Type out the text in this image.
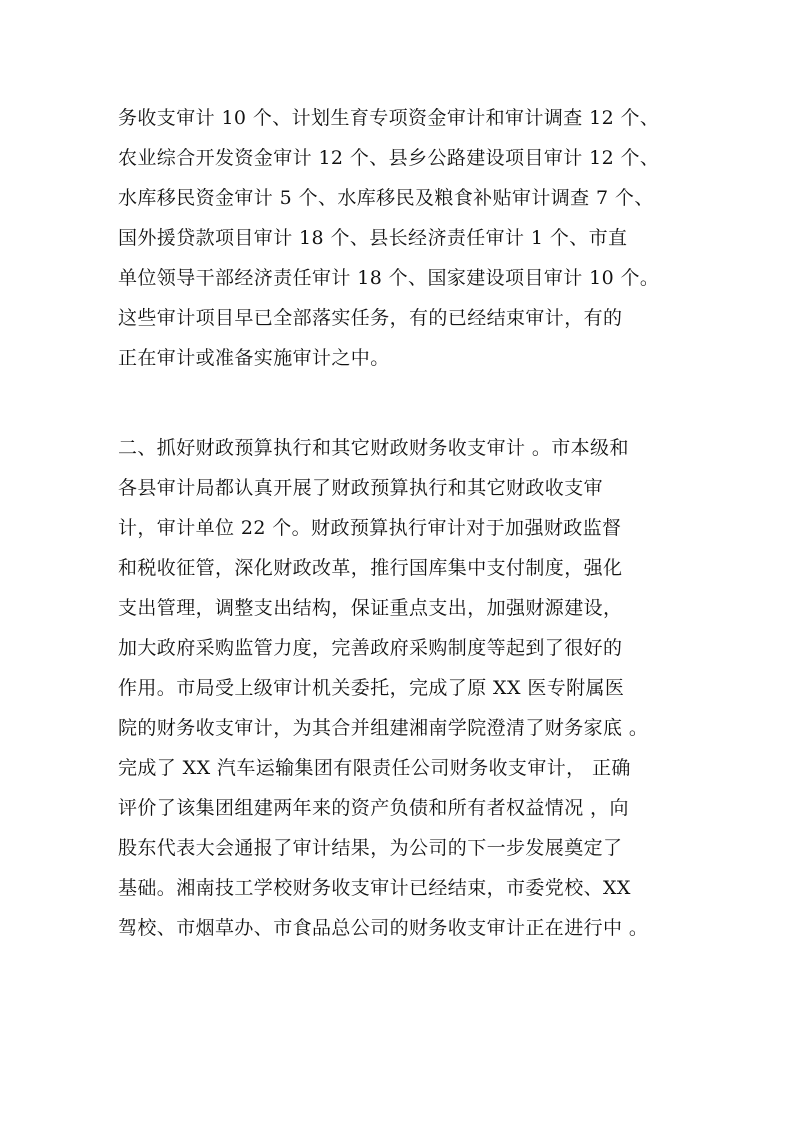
务收支审计 10 个、计划生育专项资金审计和审计调查 12 个、
农业综合开发资金审计 12 个、县乡公路建设项目审计 12 个、
水库移民资金审计 5 个、水库移民及粮食补贴审计调查 7 个、
国外援贷款项目审计 18 个、县长经济责任审计 1 个、市直
单位领导干部经济责任审计 18 个、国家建设项目审计 10 个。
这些审计项目早已全部落实任务，有的已经结束审计，有的
正在审计或准备实施审计之中。
二、抓好财政预算执行和其它财政财务收支审计 。市本级和
各县审计局都认真开展了财政预算执行和其它财政收支审
计，审计单位 22 个。财政预算执行审计对于加强财政监督
和税收征管，深化财政改革，推行国库集中支付制度，强化
支出管理，调整支出结构，保证重点支出，加强财源建设，
加大政府采购监管力度，完善政府采购制度等起到了很好的
作用。市局受上级审计机关委托，完成了原 XX 医专附属医
院的财务收支审计，为其合并组建湘南学院澄清了财务家底 。
完成了 XX 汽车运输集团有限责任公司财务收支审计， 正确
评价了该集团组建两年来的资产负债和所有者权益情况 ，向
股东代表大会通报了审计结果，为公司的下一步发展奠定了
基础。湘南技工学校财务收支审计已经结束，市委党校、XX
驾校、市烟草办、市食品总公司的财务收支审计正在进行中 。
